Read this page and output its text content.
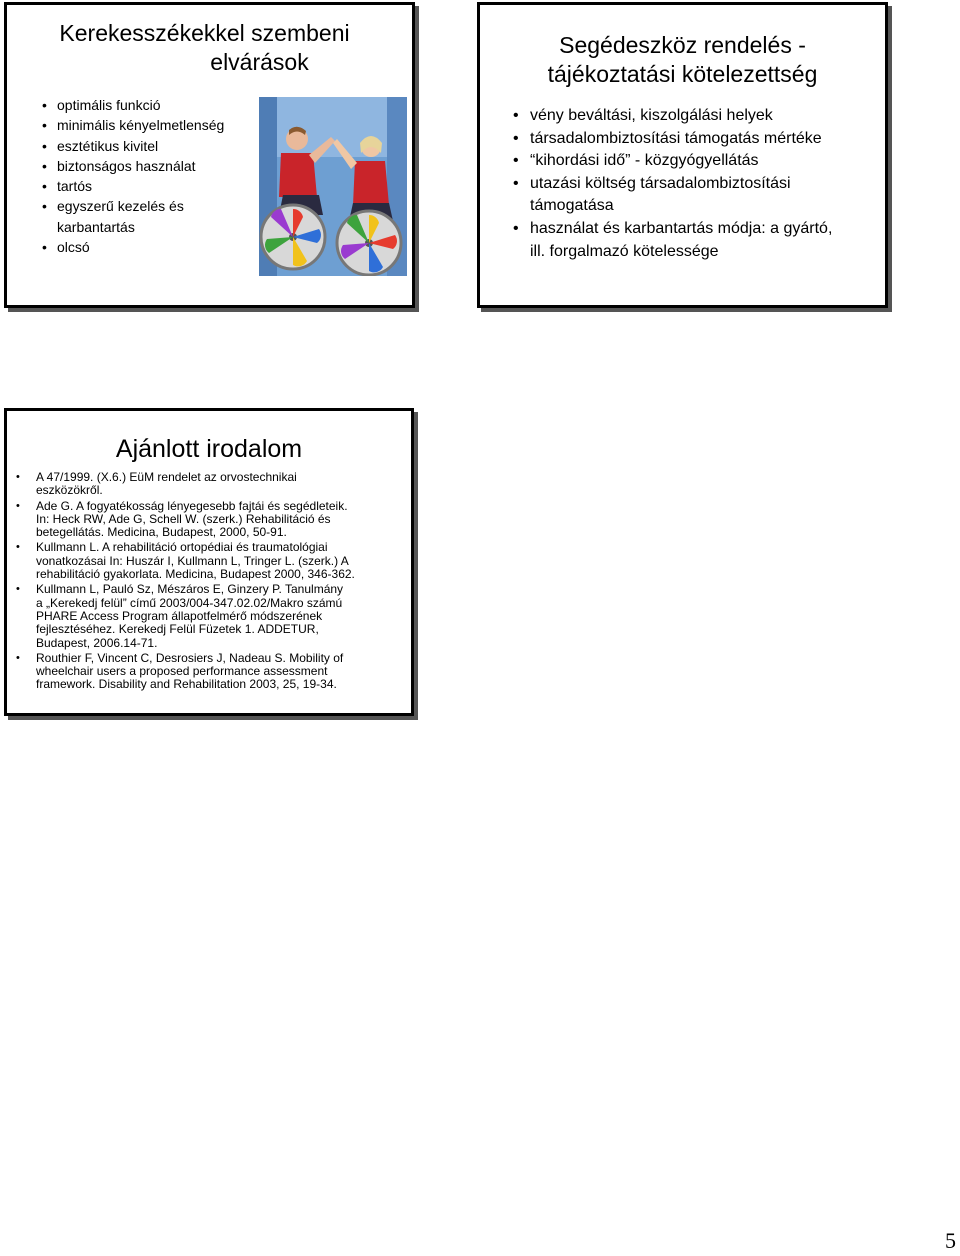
Kerekesszékekkel szembeni
elvárások
• optimális funkció
• minimális kényelmetlenség
• esztétikus kivitel
• biztonságos használat
• tartós
• egyszerű kezelés és karbantartás
• olcsó
Segédeszköz rendelés -
tájékoztatási kötelezettség
• vény beváltási, kiszolgálási helyek
• társadalombiztosítási támogatás mértéke
• “kihordási idő” - közgyógyellátás
• utazási költség társadalombiztosítási támogatása
• használat és karbantartás módja: a gyártó, ill. forgalmazó kötelessége
Ajánlott irodalom
• A 47/1999. (X.6.) EüM rendelet az orvostechnikai
eszközökről.
• Ade G. A fogyatékosság lényegesebb fajtái és segédleteik.
In: Heck RW, Ade G, Schell W. (szerk.) Rehabilitáció és
betegellátás. Medicina, Budapest, 2000, 50-91.
• Kullmann L. A rehabilitáció ortopédiai és traumatológiai
vonatkozásai In: Huszár I, Kullmann L, Tringer L. (szerk.) A
rehabilitáció gyakorlata. Medicina, Budapest 2000, 346-362.
• Kullmann L, Pauló Sz, Mészáros E, Ginzery P. Tanulmány
a „Kerekedj felül” című 2003/004-347.02.02/Makro számú
PHARE Access Program állapotfelmérő módszerének
fejlesztéséhez. Kerekedj Felül Füzetek 1. ADDETUR,
Budapest, 2006.14-71.
• Routhier F, Vincent C, Desrosiers J, Nadeau S. Mobility of
wheelchair users a proposed performance assessment
framework. Disability and Rehabilitation 2003, 25, 19-34.
5
